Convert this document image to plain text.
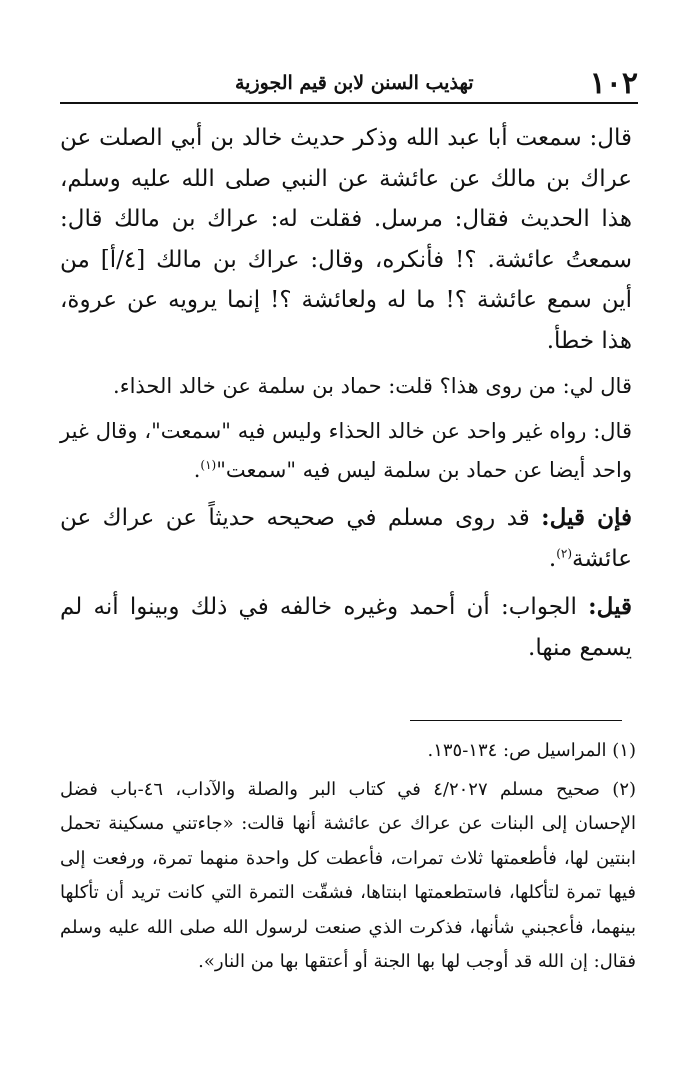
١٠٢
تهذيب السنن لابن قيم الجوزية

قال: سمعت أبا عبد الله وذكر حديث خالد بن أبي الصلت عن عراك بن مالك عن عائشة عن النبي صلى الله عليه وسلم، هذا الحديث فقال: مرسل. فقلت له: عراك بن مالك قال: سمعتُ عائشة. ؟! فأنكره، وقال: عراك بن مالك [٤/أ] من أين سمع عائشة ؟! ما له ولعائشة ؟! إنما يرويه عن عروة، هذا خطأ.

قال لي: من روى هذا؟ قلت: حماد بن سلمة عن خالد الحذاء.

قال: رواه غير واحد عن خالد الحذاء وليس فيه "سمعت"، وقال غير واحد أيضا عن حماد بن سلمة ليس فيه "سمعت"$^{(١)}$.

فإن قيل: قد روى مسلم في صحيحه حديثاً عن عراك عن عائشة$^{(٢)}$.

قيل: الجواب: أن أحمد وغيره خالفه في ذلك وبينوا أنه لم يسمع منها.

(١) المراسيل ص: ١٣٤-١٣٥.

(٢) صحيح مسلم ٤/٢٠٢٧ في كتاب البر والصلة والآداب، ٤٦-باب فضل الإحسان إلى البنات عن عراك عن عائشة أنها قالت: «جاءتني مسكينة تحمل ابنتين لها، فأطعمتها ثلاث تمرات، فأعطت كل واحدة منهما تمرة، ورفعت إلى فيها تمرة لتأكلها، فاستطعمتها ابنتاها، فشقّت التمرة التي كانت تريد أن تأكلها بينهما، فأعجبني شأنها، فذكرت الذي صنعت لرسول الله صلى الله عليه وسلم فقال: إن الله قد أوجب لها بها الجنة أو أعتقها بها من النار».
